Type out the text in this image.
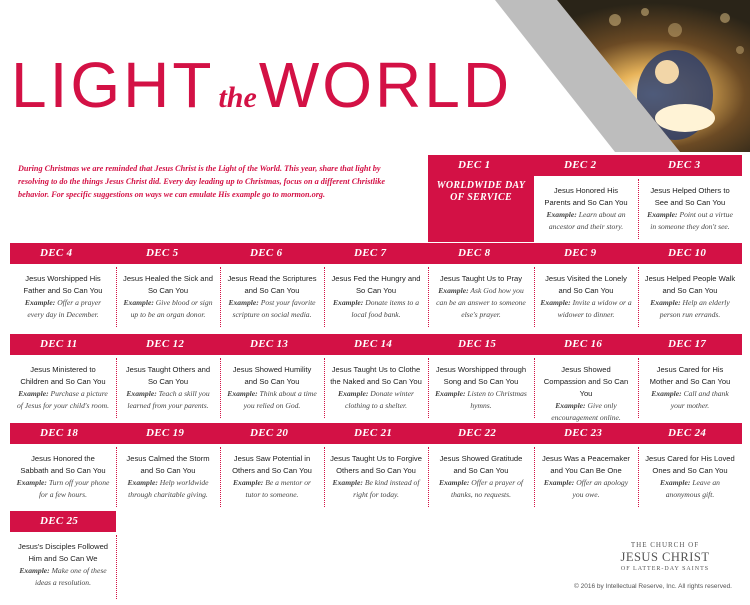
LIGHT theWORLD
During Christmas we are reminded that Jesus Christ is the Light of the World. This year, share that light by resolving to do the things Jesus Christ did. Every day leading up to Christmas, focus on a different Christlike behavior. For specific suggestions on ways we can emulate His example go to mormon.org.
DEC 1
WORLDWIDE DAY OF SERVICE
DEC 2
Jesus Honored His Parents and So Can You
Example: Learn about an ancestor and their story.
DEC 3
Jesus Helped Others to See and So Can You
Example: Point out a virtue in someone they don't see.
DEC 4
Jesus Worshipped His Father and So Can You
Example: Offer a prayer every day in December.
DEC 5
Jesus Healed the Sick and So Can You
Example: Give blood or sign up to be an organ donor.
DEC 6
Jesus Read the Scriptures and So Can You
Example: Post your favorite scripture on social media.
DEC 7
Jesus Fed the Hungry and So Can You
Example: Donate items to a local food bank.
DEC 8
Jesus Taught Us to Pray
Example: Ask God how you can be an answer to someone else's prayer.
DEC 9
Jesus Visited the Lonely and So Can You
Example: Invite a widow or a widower to dinner.
DEC 10
Jesus Helped People Walk and So Can You
Example: Help an elderly person run errands.
DEC 11
Jesus Ministered to Children and So Can You
Example: Purchase a picture of Jesus for your child's room.
DEC 12
Jesus Taught Others and So Can You
Example: Teach a skill you learned from your parents.
DEC 13
Jesus Showed Humility and So Can You
Example: Think about a time you relied on God.
DEC 14
Jesus Taught Us to Clothe the Naked and So Can You
Example: Donate winter clothing to a shelter.
DEC 15
Jesus Worshipped through Song and So Can You
Example: Listen to Christmas hymns.
DEC 16
Jesus Showed Compassion and So Can You
Example: Give only encouragement online.
DEC 17
Jesus Cared for His Mother and So Can You
Example: Call and thank your mother.
DEC 18
Jesus Honored the Sabbath and So Can You
Example: Turn off your phone for a few hours.
DEC 19
Jesus Calmed the Storm and So Can You
Example: Help worldwide through charitable giving.
DEC 20
Jesus Saw Potential in Others and So Can You
Example: Be a mentor or tutor to someone.
DEC 21
Jesus Taught Us to Forgive Others and So Can You
Example: Be kind instead of right for today.
DEC 22
Jesus Showed Gratitude and So Can You
Example: Offer a prayer of thanks, no requests.
DEC 23
Jesus Was a Peacemaker and You Can Be One
Example: Offer an apology you owe.
DEC 24
Jesus Cared for His Loved Ones and So Can You
Example: Leave an anonymous gift.
DEC 25
Jesus's Disciples Followed Him and So Can We
Example: Make one of these ideas a resolution.
THE CHURCH OF
JESUS CHRIST
OF LATTER-DAY SAINTS
© 2016 by Intellectual Reserve, Inc. All rights reserved.
